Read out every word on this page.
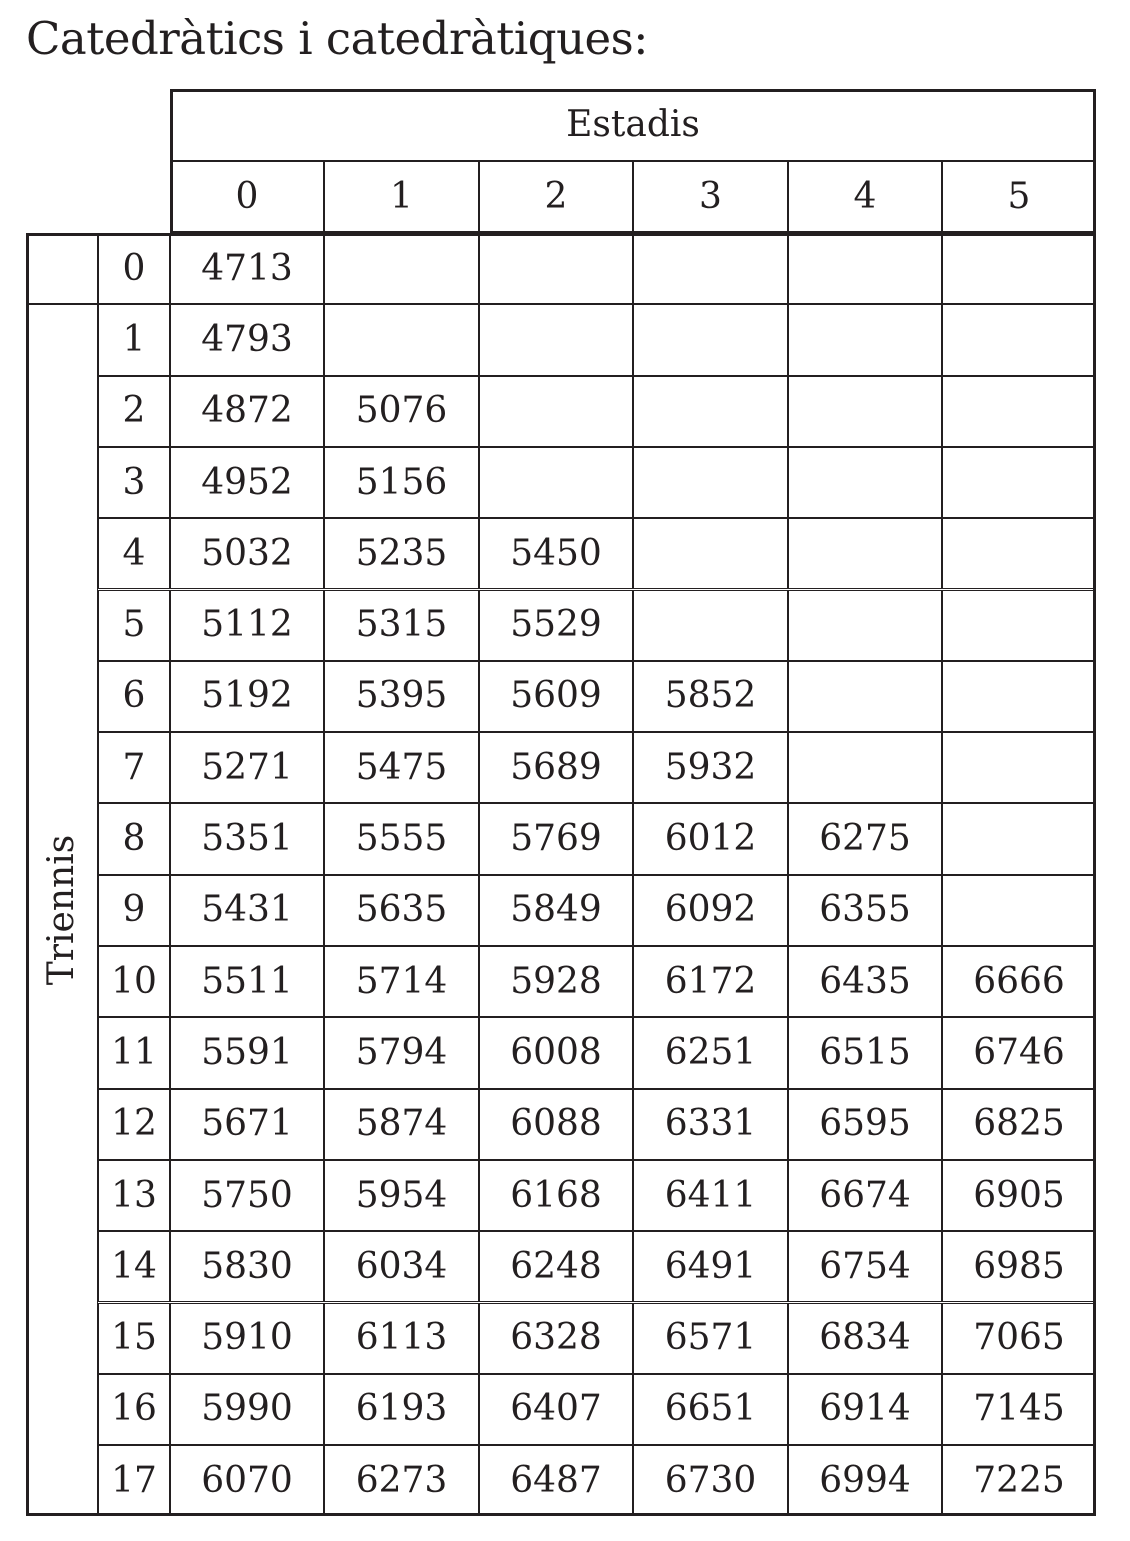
Catedràtics i catedràtiques:
Estadis
0	1	2	3	4	5
0	4713
1	4793
2	4872	5076
3	4952	5156
4	5032	5235	5450
5	5112	5315	5529
6	5192	5395	5609	5852
7	5271	5475	5689	5932
8	5351	5555	5769	6012	6275
9	5431	5635	5849	6092	6355
10	5511	5714	5928	6172	6435	6666
11	5591	5794	6008	6251	6515	6746
12	5671	5874	6088	6331	6595	6825
13	5750	5954	6168	6411	6674	6905
14	5830	6034	6248	6491	6754	6985
15	5910	6113	6328	6571	6834	7065
16	5990	6193	6407	6651	6914	7145
17	6070	6273	6487	6730	6994	7225
Triennis
